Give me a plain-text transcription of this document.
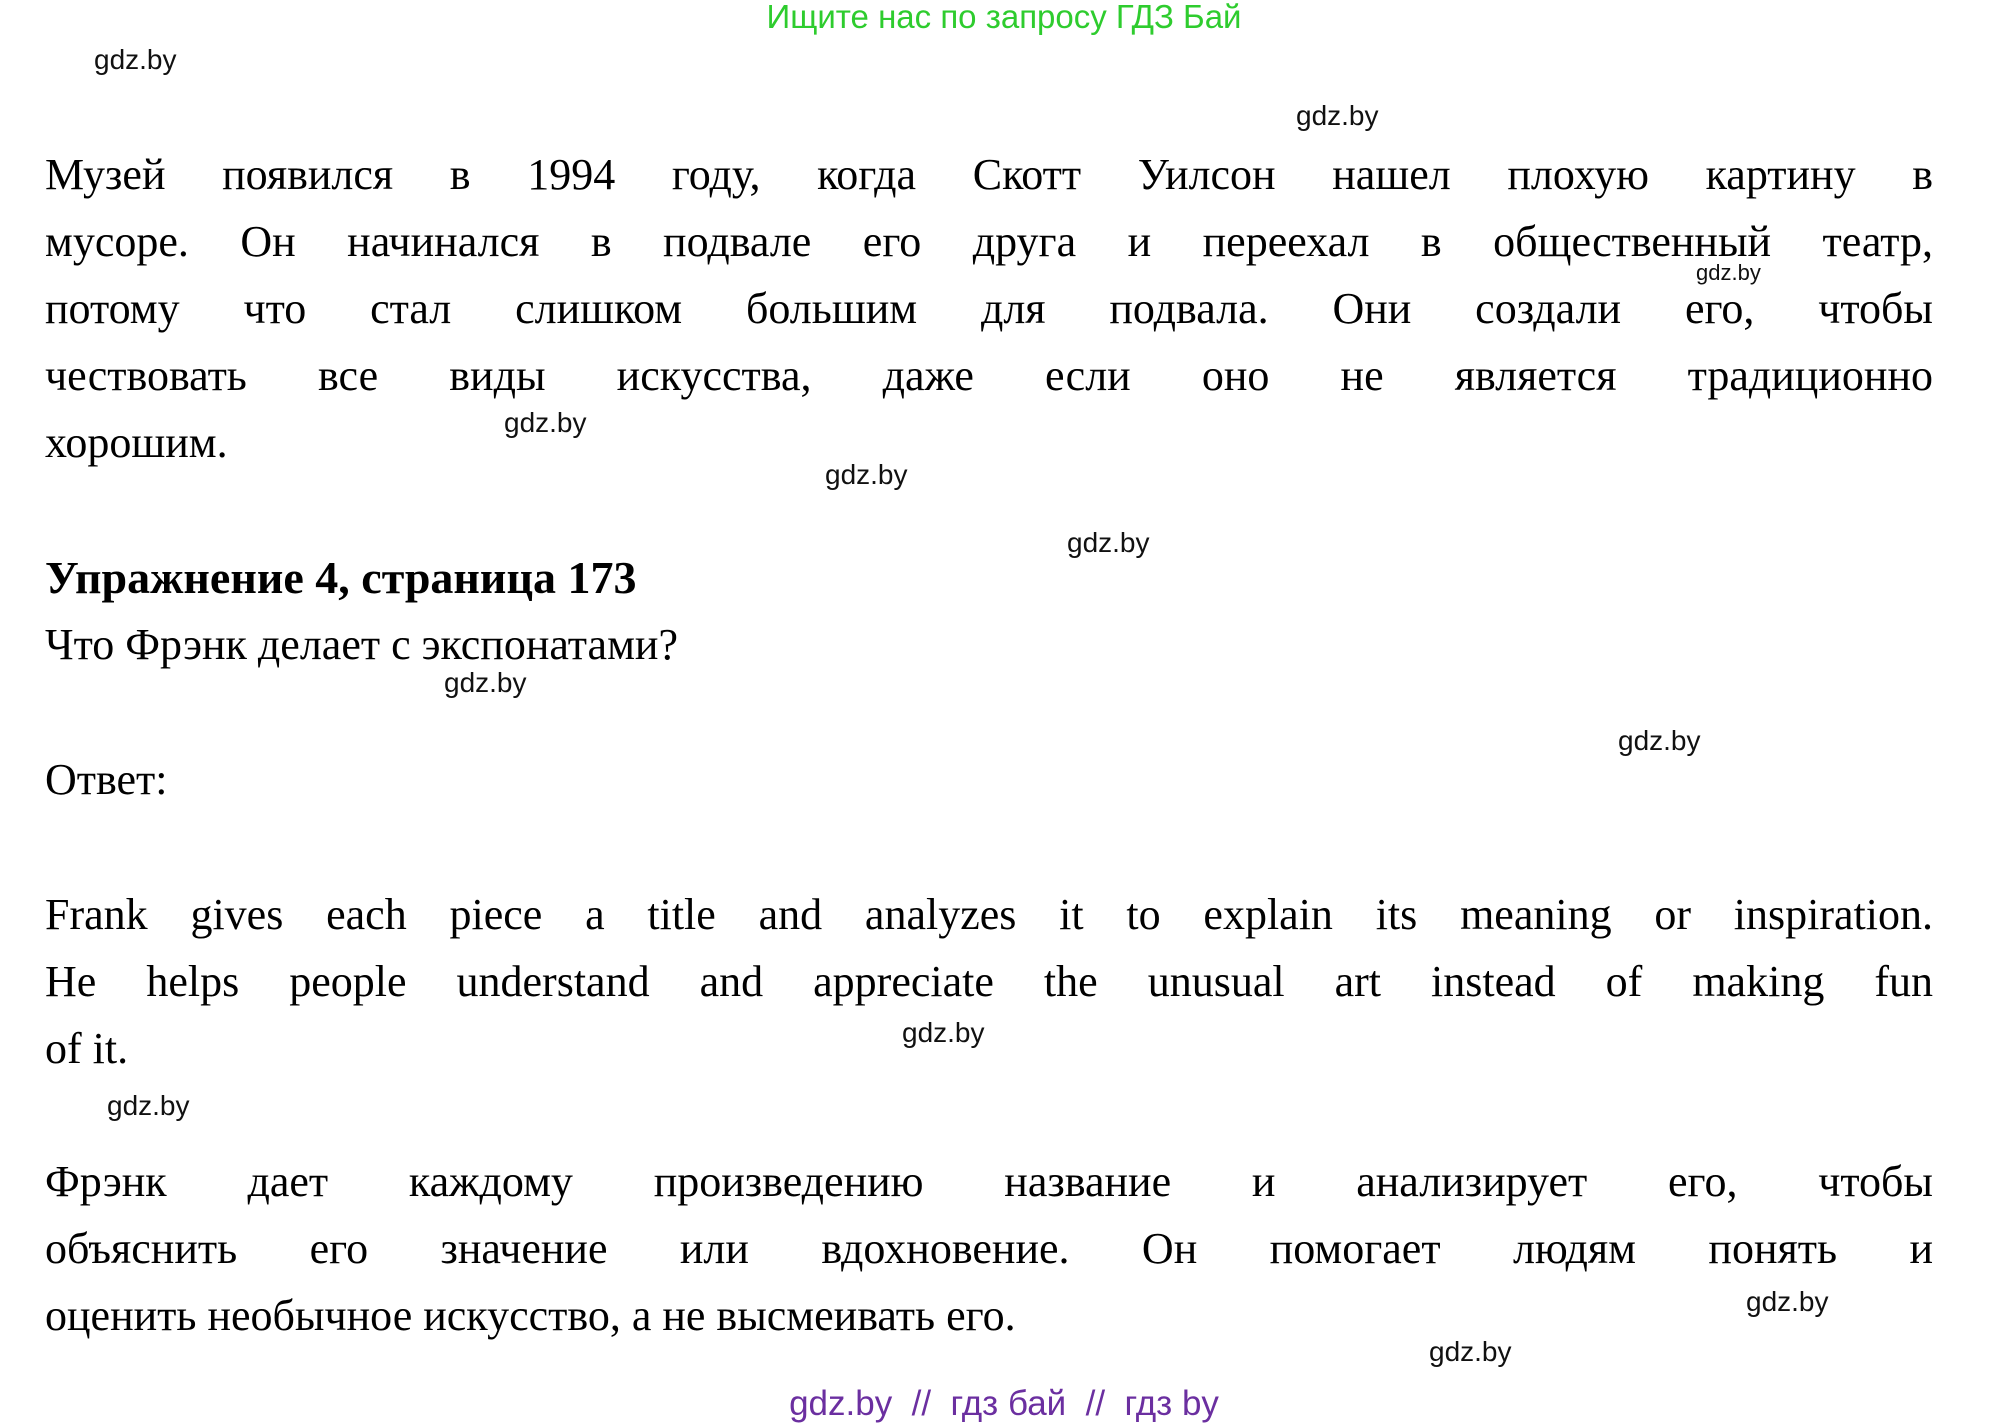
Ищите нас по запросу ГДЗ Бай
gdz.by
gdz.by
gdz.by
gdz.by
gdz.by
gdz.by
gdz.by
gdz.by
gdz.by
gdz.by
gdz.by
gdz.by
Музей появился в 1994 году, когда Скотт Уилсон нашел плохую картину в
мусоре. Он начинался в подвале его друга и переехал в общественный театр,
потому что стал слишком большим для подвала. Они создали его, чтобы
чествовать все виды искусства, даже если оно не является традиционно
хорошим.
Упражнение 4, страница 173
Что Фрэнк делает с экспонатами?
Ответ:
Frank gives each piece a title and analyzes it to explain its meaning or inspiration.
He helps people understand and appreciate the unusual art instead of making fun
of it.
Фрэнк дает каждому произведению название и анализирует его, чтобы
объяснить его значение или вдохновение. Он помогает людям понять и
оценить необычное искусство, а не высмеивать его.
gdz.by  //  гдз бай  //  гдз by
